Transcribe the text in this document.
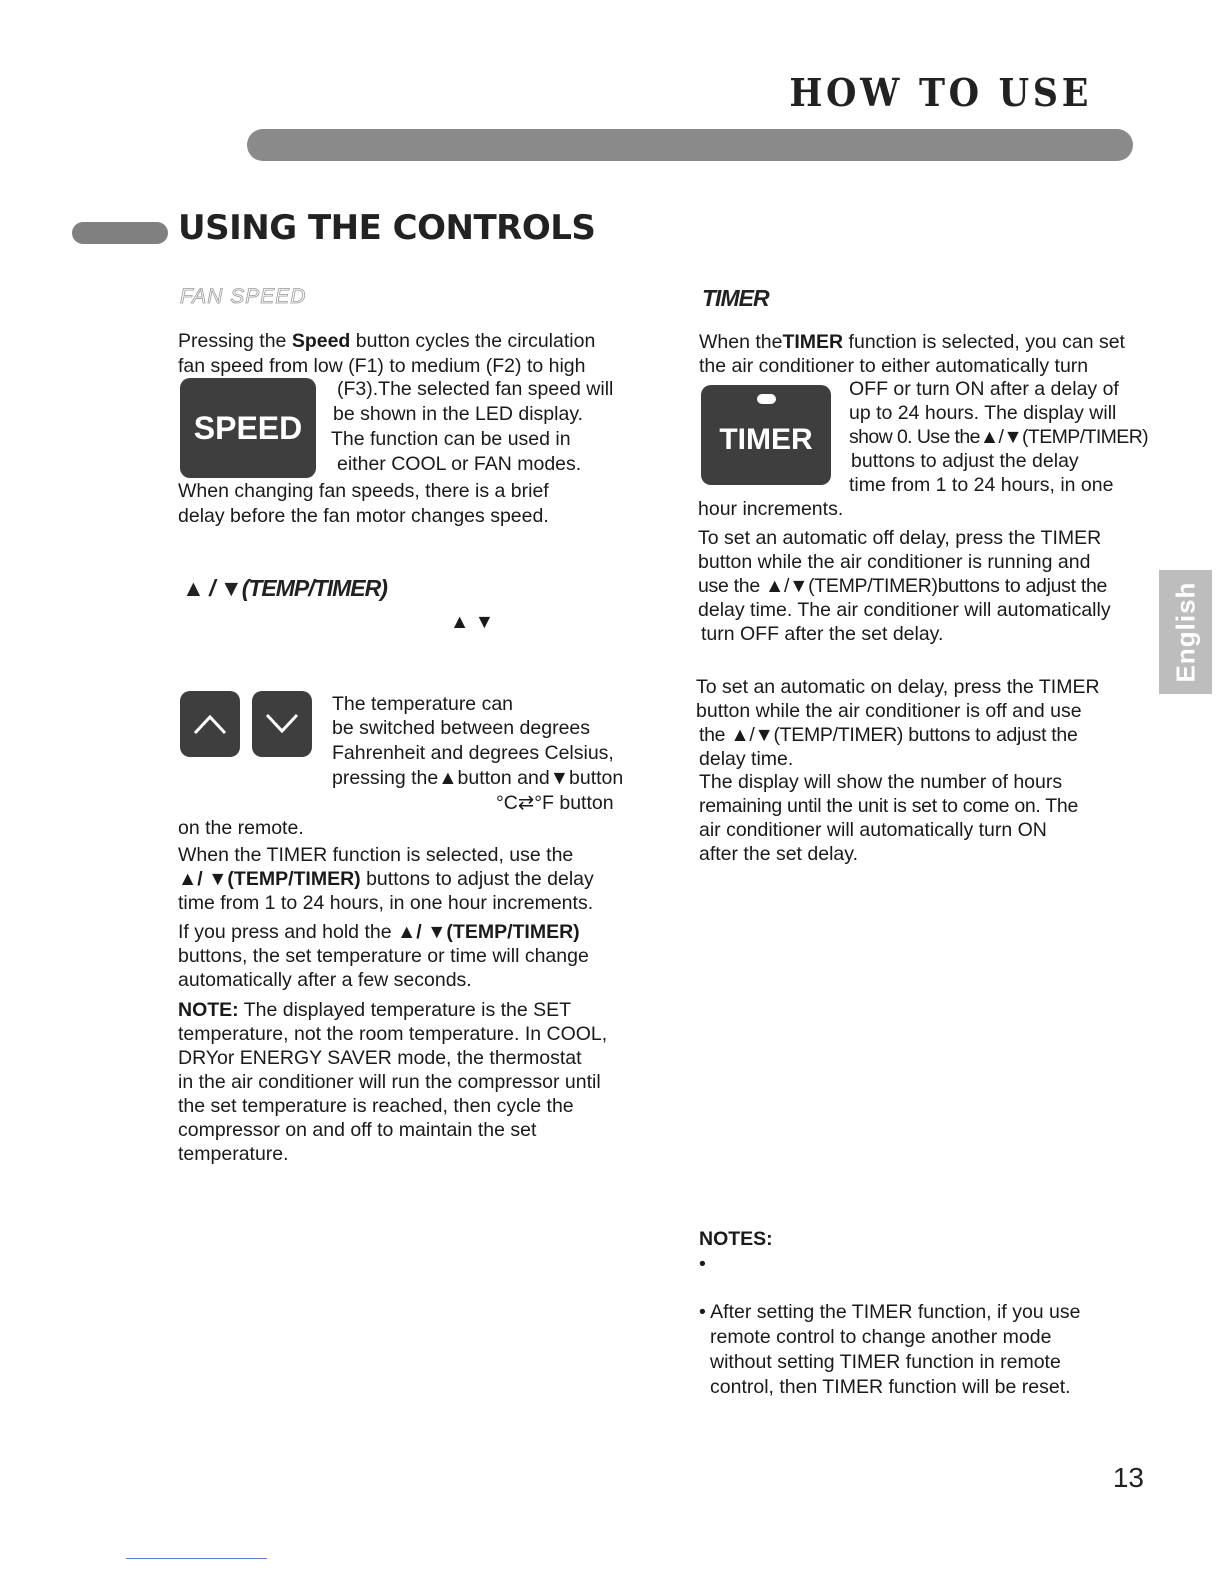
HOW TO USE
USING THE CONTROLS
FAN SPEED
Pressing the Speed button cycles the circulation
fan speed from low (F1) to medium (F2) to high
SPEED
(F3).The selected fan speed will
be shown in the LED display.
The function can be used in
either COOL or FAN modes.
When changing fan speeds, there is a brief
delay before the fan motor changes speed.
▲ / ▼(TEMP/TIMER)
▲ ▼
The temperature can
be switched between degrees
Fahrenheit and degrees Celsius,
pressing the▲button and▼button
°C⇄°F button
on the remote.
When the TIMER function is selected, use the
▲/ ▼(TEMP/TIMER) buttons to adjust the delay
time from 1 to 24 hours, in one hour increments.
If you press and hold the ▲/ ▼(TEMP/TIMER)
buttons, the set temperature or time will change
automatically after a few seconds.
NOTE: The displayed temperature is the SET
temperature, not the room temperature. In COOL,
DRYor ENERGY SAVER mode, the thermostat
in the air conditioner will run the compressor until
the set temperature is reached, then cycle the
compressor on and off to maintain the set
temperature.
TIMER
When theTIMER function is selected, you can set
the air conditioner to either automatically turn
TIMER
OFF or turn ON after a delay of
up to 24 hours. The display will
show 0. Use the▲/▼(TEMP/TIMER)
buttons to adjust the delay
time from 1 to 24 hours, in one
hour increments.
To set an automatic off delay, press the TIMER
button while the air conditioner is running and
use the ▲/▼(TEMP/TIMER)buttons to adjust the
delay time. The air conditioner will automatically
turn OFF after the set delay.
To set an automatic on delay, press the TIMER
button while the air conditioner is off and use
the ▲/▼(TEMP/TIMER) buttons to adjust the
delay time.
The display will show the number of hours
remaining until the unit is set to come on. The
air conditioner will automatically turn ON
after the set delay.
NOTES:
•
• After setting the TIMER function, if you use
remote control to change another mode
without setting TIMER function in remote
control, then TIMER function will be reset.
English
13
